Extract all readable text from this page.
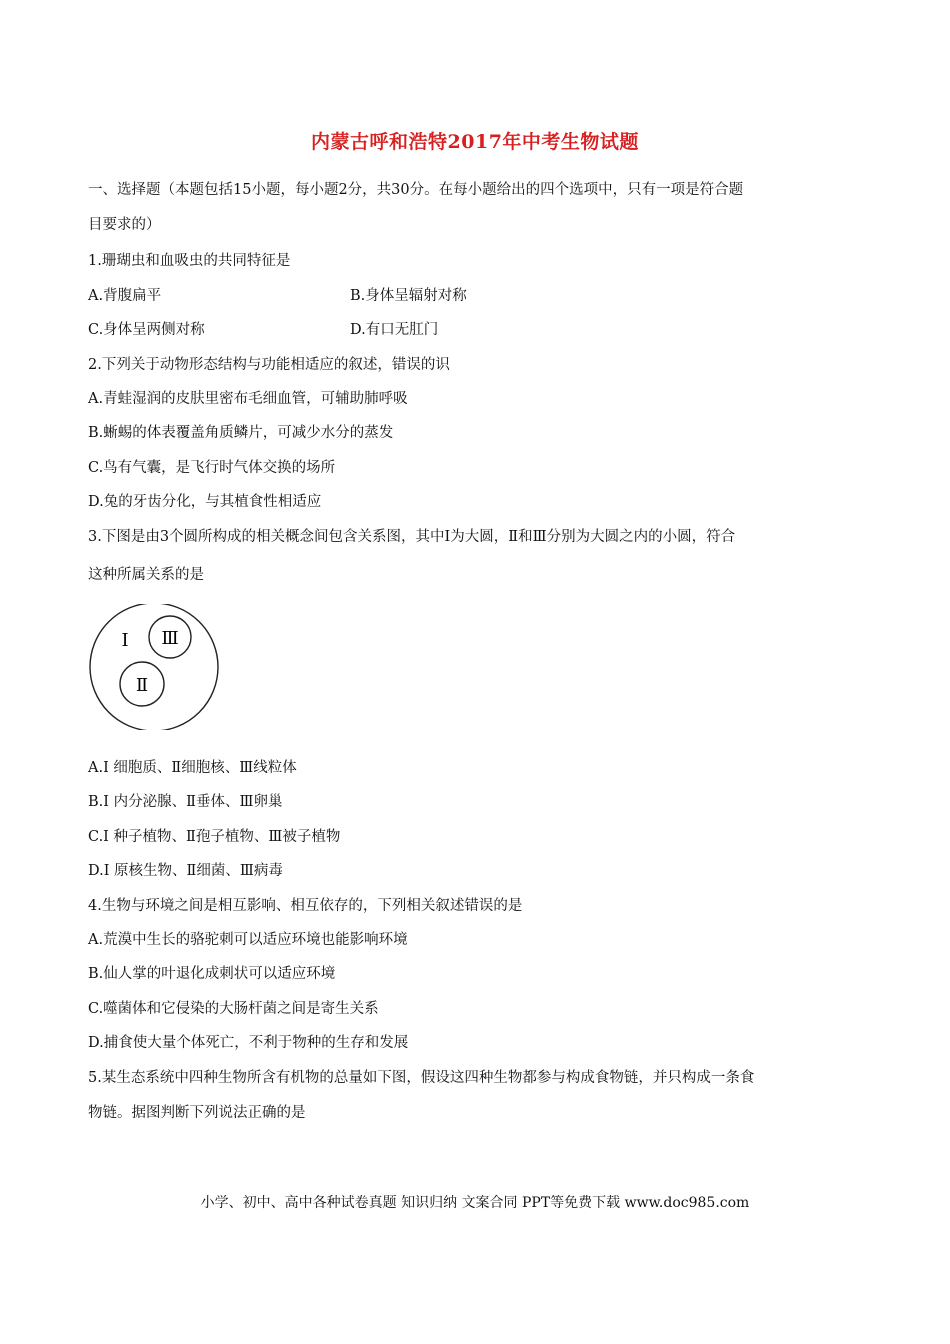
内蒙古呼和浩特2017年中考生物试题
一、选择题（本题包括15小题，每小题2分，共30分。在每小题给出的四个选项中，只有一项是符合题
目要求的）
1.珊瑚虫和血吸虫的共同特征是
A.背腹扁平	B.身体呈辐射对称
C.身体呈两侧对称	D.有口无肛门
2.下列关于动物形态结构与功能相适应的叙述，错误的识
A.青蛙湿润的皮肤里密布毛细血管，可辅助肺呼吸
B.蜥蜴的体表覆盖角质鳞片，可减少水分的蒸发
C.鸟有气囊，是飞行时气体交换的场所
D.兔的牙齿分化，与其植食性相适应
3.下图是由3个圆所构成的相关概念间包含关系图，其中Ⅰ为大圆，Ⅱ和Ⅲ分别为大圆之内的小圆，符合
这种所属关系的是
Ⅰ Ⅲ
Ⅱ
A.Ⅰ 细胞质、Ⅱ细胞核、Ⅲ线粒体
B.Ⅰ 内分泌腺、Ⅱ垂体、Ⅲ卵巢
C.Ⅰ 种子植物、Ⅱ孢子植物、Ⅲ被子植物
D.Ⅰ 原核生物、Ⅱ细菌、Ⅲ病毒
4.生物与环境之间是相互影响、相互依存的，下列相关叙述错误的是
A.荒漠中生长的骆驼刺可以适应环境也能影响环境
B.仙人掌的叶退化成刺状可以适应环境
C.噬菌体和它侵染的大肠杆菌之间是寄生关系
D.捕食使大量个体死亡，不利于物种的生存和发展
5.某生态系统中四种生物所含有机物的总量如下图，假设这四种生物都参与构成食物链，并只构成一条食
物链。据图判断下列说法正确的是
小学、初中、高中各种试卷真题 知识归纳 文案合同 PPT等免费下载 www.doc985.com
